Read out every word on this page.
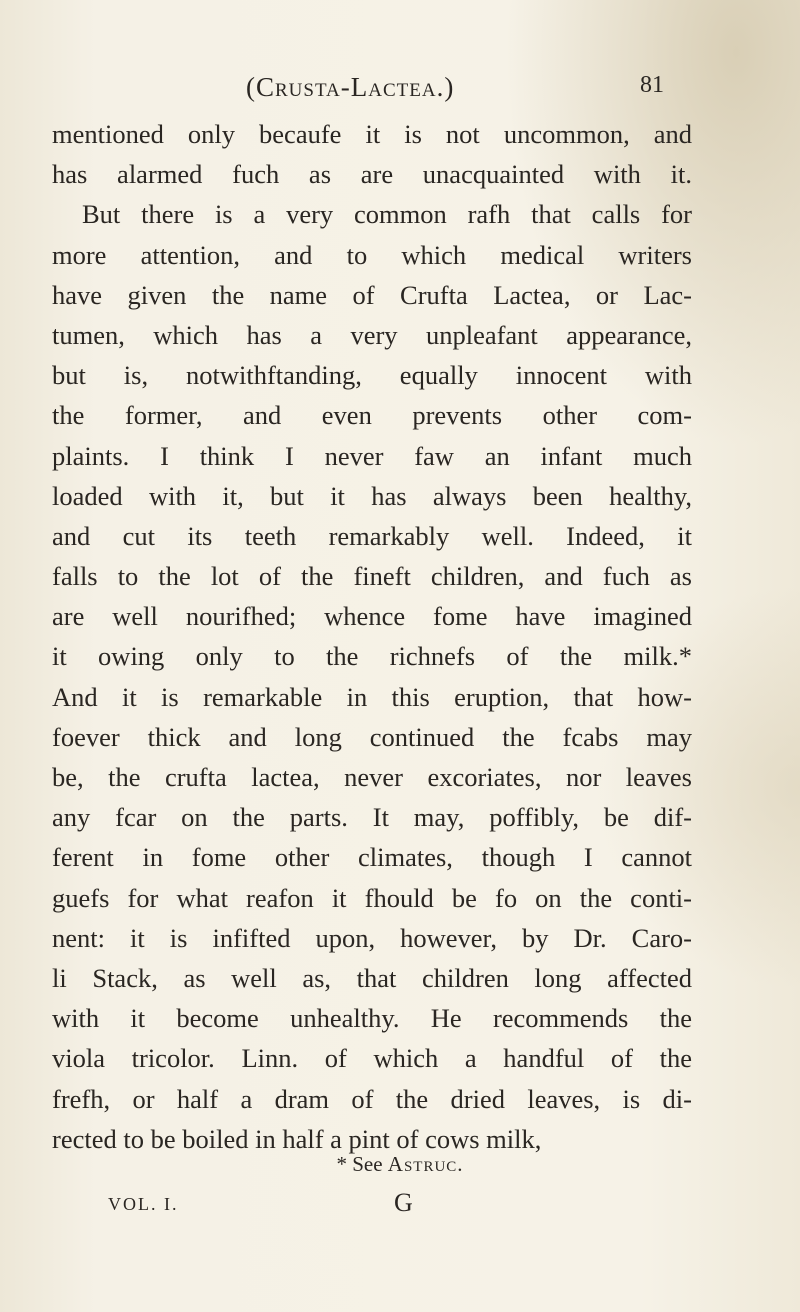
(Crusta-Lactea.)	81
mentioned only becaufe it is not uncommon, and
has alarmed fuch as are unacquainted with it.
But there is a very common rafh that calls for
more attention, and to which medical writers
have given the name of Crufta Lactea, or Lac-
tumen, which has a very unpleafant appearance,
but is, notwithftanding, equally innocent with
the former, and even prevents other com-
plaints. I think I never faw an infant much
loaded with it, but it has always been healthy,
and cut its teeth remarkably well. Indeed, it
falls to the lot of the fineft children, and fuch as
are well nourifhed; whence fome have imagined
it owing only to the richnefs of the milk.*
And it is remarkable in this eruption, that how-
foever thick and long continued the fcabs may
be, the crufta lactea, never excoriates, nor leaves
any fcar on the parts. It may, poffibly, be dif-
ferent in fome other climates, though I cannot
guefs for what reafon it fhould be fo on the conti-
nent: it is infifted upon, however, by Dr. Caro-
li Stack, as well as, that children long affected
with it become unhealthy. He recommends the
viola tricolor. Linn. of which a handful of the
frefh, or half a dram of the dried leaves, is di-
rected to be boiled in half a pint of cows milk,
* See Astruc.
VOL. I.	G
